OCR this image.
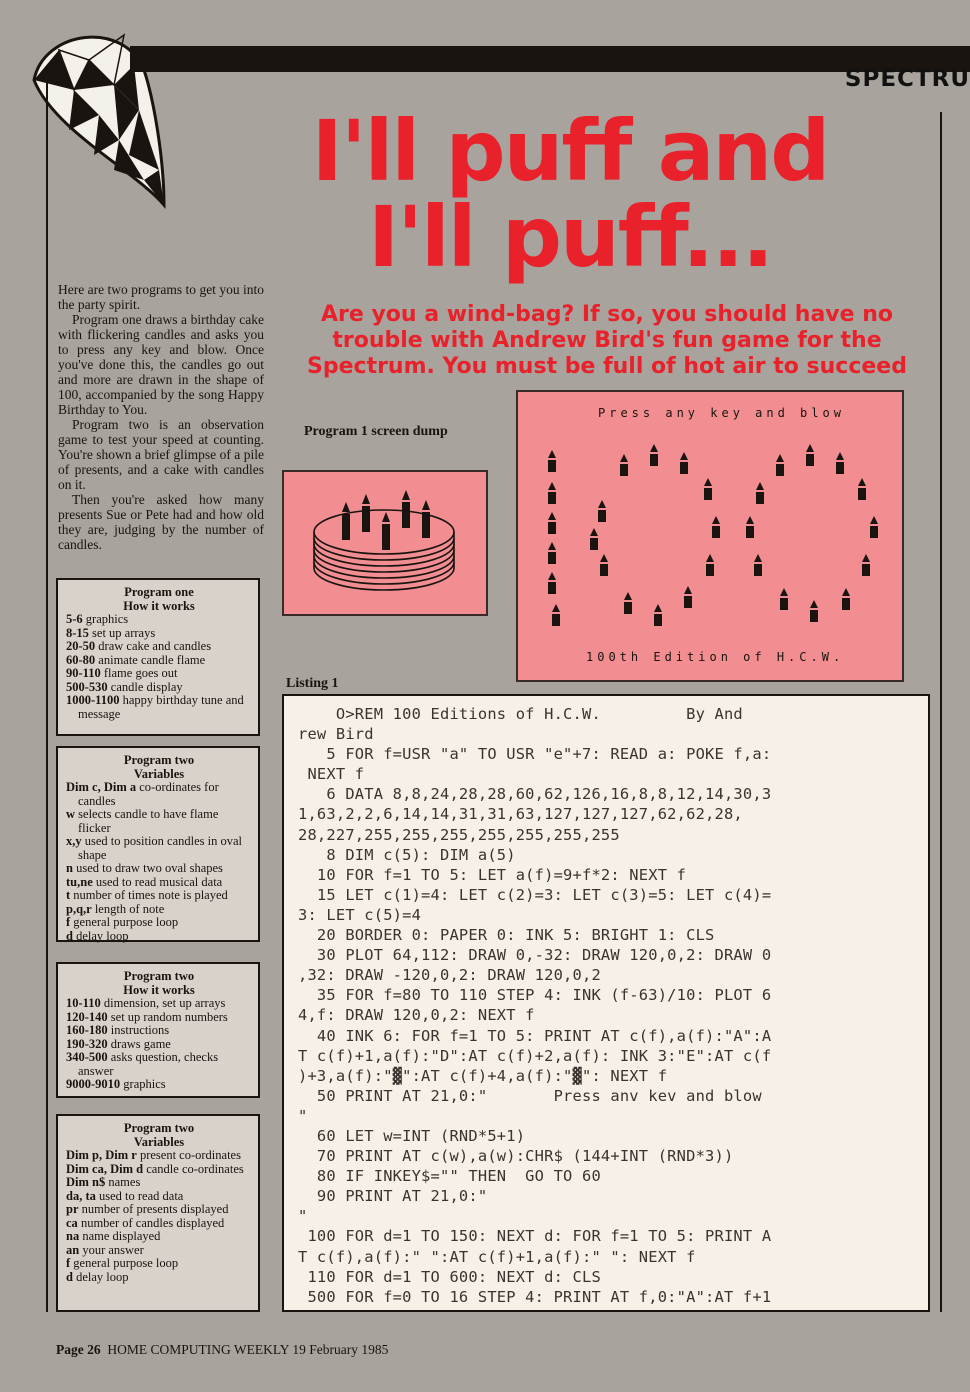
SPECTRU
I'll puff and
I'll puff...
Are you a wind-bag? If so, you should have no trouble with Andrew Bird's fun game for the Spectrum. You must be full of hot air to succeed

Here are two programs to get you into the party spirit.

Program one draws a birthday cake with flickering candles and asks you to press any key and blow. Once you've done this, the candles go out and more are drawn in the shape of 100, accompanied by the song Happy Birthday to You.

Program two is an observation game to test your speed at counting. You're shown a brief glimpse of a pile of presents, and a cake with candles on it.

Then you're asked how many presents Sue or Pete had and how old they are, judging by the number of candles.

Program one
How it works
5-6 graphics
8-15 set up arrays
20-50 draw cake and candles
60-80 animate candle flame
90-110 flame goes out
500-530 candle display
1000-1100 happy birthday tune and message
Program two
Variables
Dim c, Dim a co-ordinates for candles
w selects candle to have flame flicker
x,y used to position candles in oval shape
n used to draw two oval shapes
tu,ne used to read musical data
t number of times note is played
p,q,r length of note
f general purpose loop
d delay loop
Program two
How it works
10-110 dimension, set up arrays
120-140 set up random numbers
160-180 instructions
190-320 draws game
340-500 asks question, checks answer
9000-9010 graphics
Program two
Variables
Dim p, Dim r present co-ordinates
Dim ca, Dim d candle co-ordinates
Dim n$ names
da, ta used to read data
pr number of presents displayed
ca number of candles displayed
na name displayed
an your answer
f general purpose loop
d delay loop
Program 1 screen dump
Press any key and blow
100th Edition of H.C.W.
Listing 1
O>REM 100 Editions of H.C.W.         By And
rew Bird
5 FOR f=USR "a" TO USR "e"+7: READ a: POKE f,a:
NEXT f
6 DATA 8,8,24,28,28,60,62,126,16,8,8,12,14,30,3
1,63,2,2,6,14,14,31,31,63,127,127,127,62,62,28,
28,227,255,255,255,255,255,255,255
8 DIM c(5): DIM a(5)
10 FOR f=1 TO 5: LET a(f)=9+f*2: NEXT f
15 LET c(1)=4: LET c(2)=3: LET c(3)=5: LET c(4)=
3: LET c(5)=4
20 BORDER 0: PAPER 0: INK 5: BRIGHT 1: CLS
30 PLOT 64,112: DRAW 0,-32: DRAW 120,0,2: DRAW 0
,32: DRAW -120,0,2: DRAW 120,0,2
35 FOR f=80 TO 110 STEP 4: INK (f-63)/10: PLOT 6
4,f: DRAW 120,0,2: NEXT f
40 INK 6: FOR f=1 TO 5: PRINT AT c(f),a(f):"A":A
T c(f)+1,a(f):"D":AT c(f)+2,a(f): INK 3:"E":AT c(f
)+3,a(f):"▓":AT c(f)+4,a(f):"▓": NEXT f
50 PRINT AT 21,0:"       Press anv kev and blow
"
60 LET w=INT (RND*5+1)
70 PRINT AT c(w),a(w):CHR$ (144+INT (RND*3))
80 IF INKEY$="" THEN  GO TO 60
90 PRINT AT 21,0:"
"
100 FOR d=1 TO 150: NEXT d: FOR f=1 TO 5: PRINT A
T c(f),a(f):" ":AT c(f)+1,a(f):" ": NEXT f
110 FOR d=1 TO 600: NEXT d: CLS
500 FOR f=0 TO 16 STEP 4: PRINT AT f,0:"A":AT f+1
Page 26 HOME COMPUTING WEEKLY 19 February 1985
